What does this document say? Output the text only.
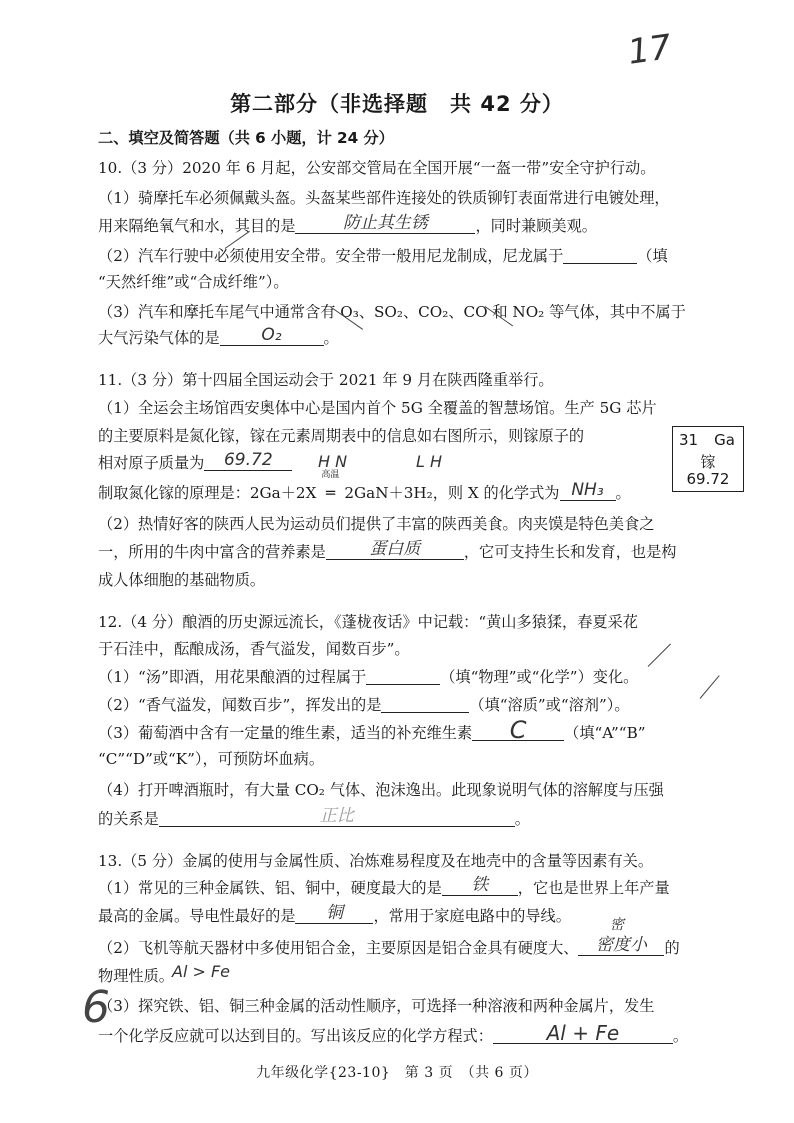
17
第二部分（非选择题　共 42 分）
二、填空及简答题（共 6 小题，计 24 分）
10.（3 分）2020 年 6 月起，公安部交管局在全国开展“一盔一带”安全守护行动。
（1）骑摩托车必须佩戴头盔。头盔某些部件连接处的铁质铆钉表面常进行电镀处理，
用来隔绝氧气和水，其目的是	防止其生锈	，同时兼顾美观。
（2）汽车行驶中必须使用安全带。安全带一般用尼龙制成，尼龙属于	（填
“天然纤维”或“合成纤维”）。
（3）汽车和摩托车尾气中通常含有 O₃、SO₂、CO₂、CO 和 NO₂ 等气体，其中不属于
大气污染气体的是	O₂	。
11.（3 分）第十四届全国运动会于 2021 年 9 月在陕西隆重举行。
（1）全运会主场馆西安奥体中心是国内首个 5G 全覆盖的智慧场馆。生产 5G 芯片
的主要原料是氮化镓，镓在元素周期表中的信息如右图所示，则镓原子的
相对原子质量为	69.72	H N	L H
31 Ga
镓
69.72
制取氮化镓的原理是：2Ga＋2X
高温
═ 2GaN＋3H₂，则 X 的化学式为 NH₃ 。
（2）热情好客的陕西人民为运动员们提供了丰富的陕西美食。肉夹馍是特色美食之
一，所用的牛肉中富含的营养素是	蛋白质	，它可支持生长和发育，也是构
成人体细胞的基础物质。
12.（4 分）酿酒的历史源远流长，《蓬栊夜话》中记载：“黄山多猿猱，春夏采花
于石洼中，酝酿成汤，香气溢发，闻数百步”。
（1）“汤”即酒，用花果酿酒的过程属于	（填“物理”或“化学”）变化。
（2）“香气溢发，闻数百步”，挥发出的是	（填“溶质”或“溶剂”）。
（3）葡萄酒中含有一定量的维生素，适当的补充维生素	C	（填“A”“B”
“C”“D”或“K”），可预防坏血病。
（4）打开啤酒瓶时，有大量 CO₂ 气体、泡沫逸出。此现象说明气体的溶解度与压强
的关系是	正比	。
13.（5 分）金属的使用与金属性质、冶炼难易程度及在地壳中的含量等因素有关。
（1）常见的三种金属铁、铝、铜中，硬度最大的是	铁	，它也是世界上年产量
最高的金属。导电性最好的是	铜	，常用于家庭电路中的导线。
（2）飞机等航天器材中多使用铝合金，主要原因是铝合金具有硬度大、	密度小	的
密
物理性质。
Al > Fe
（3）探究铁、铝、铜三种金属的活动性顺序，可选择一种溶液和两种金属片，发生
一个化学反应就可以达到目的。写出该反应的化学方程式：	Al + Fe	。
6
九年级化学{23-10}　第 3 页　（共 6 页）
